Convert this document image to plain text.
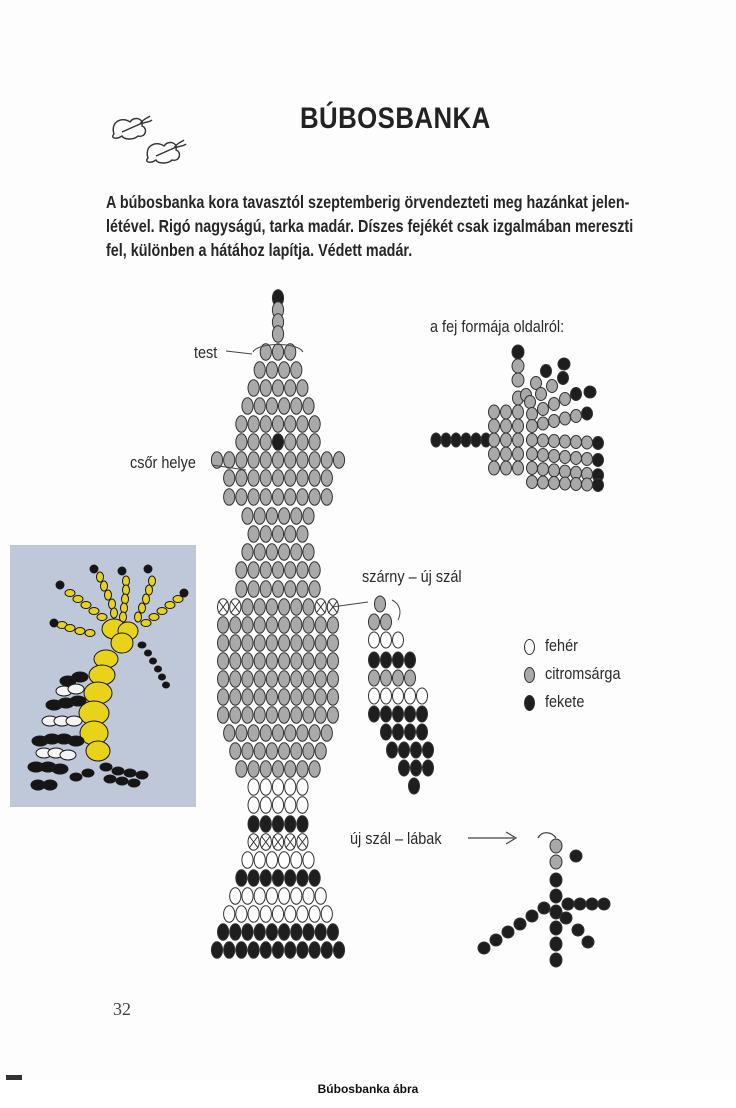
BÚBOSBANKA
A búbosbanka kora tavasztól szeptemberig örvendezteti meg hazánkat jelen-
létével. Rigó nagyságú, tarka madár. Díszes fejékét csak izgalmában mereszti
fel, különben a hátához lapítja. Védett madár.
test
csőr helye
a fej formája oldalról:
szárny – új szál
új szál – lábak
fehér
citromsárga
fekete
32
Búbosbanka ábra
